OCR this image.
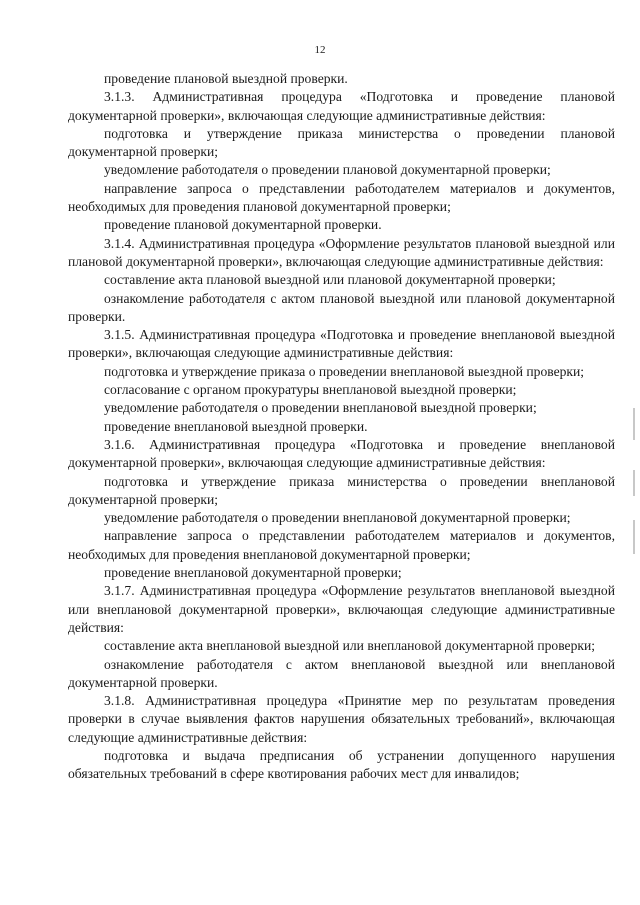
12

проведение плановой выездной проверки.

3.1.3. Административная процедура «Подготовка и проведение плановой документарной проверки», включающая следующие административные действия:

подготовка и утверждение приказа министерства о проведении плановой документарной проверки;

уведомление работодателя о проведении плановой документарной проверки;

направление запроса о представлении работодателем материалов и документов, необходимых для проведения плановой документарной проверки;

проведение плановой документарной проверки.

3.1.4. Административная процедура «Оформление результатов плановой выездной или плановой документарной проверки», включающая следующие административные действия:

составление акта плановой выездной или плановой документарной проверки;

ознакомление работодателя с актом плановой выездной или плановой документарной проверки.

3.1.5. Административная процедура «Подготовка и проведение внеплановой выездной проверки», включающая следующие административные действия:

подготовка и утверждение приказа о проведении внеплановой выездной проверки;

согласование с органом прокуратуры внеплановой выездной проверки;

уведомление работодателя о проведении внеплановой выездной проверки;

проведение внеплановой выездной проверки.

3.1.6. Административная процедура «Подготовка и проведение внеплановой документарной проверки», включающая следующие административные действия:

подготовка и утверждение приказа министерства о проведении внеплановой документарной проверки;

уведомление работодателя о проведении внеплановой документарной проверки;

направление запроса о представлении работодателем материалов и документов, необходимых для проведения внеплановой документарной проверки;

проведение внеплановой документарной проверки;

3.1.7. Административная процедура «Оформление результатов внеплановой выездной или внеплановой документарной проверки», включающая следующие административные действия:

составление акта внеплановой выездной или внеплановой документарной проверки;

ознакомление работодателя с актом внеплановой выездной или внеплановой документарной проверки.

3.1.8. Административная процедура «Принятие мер по результатам проведения проверки в случае выявления фактов нарушения обязательных требований», включающая следующие административные действия:

подготовка и выдача предписания об устранении допущенного нарушения обязательных требований в сфере квотирования рабочих мест для инвалидов;
